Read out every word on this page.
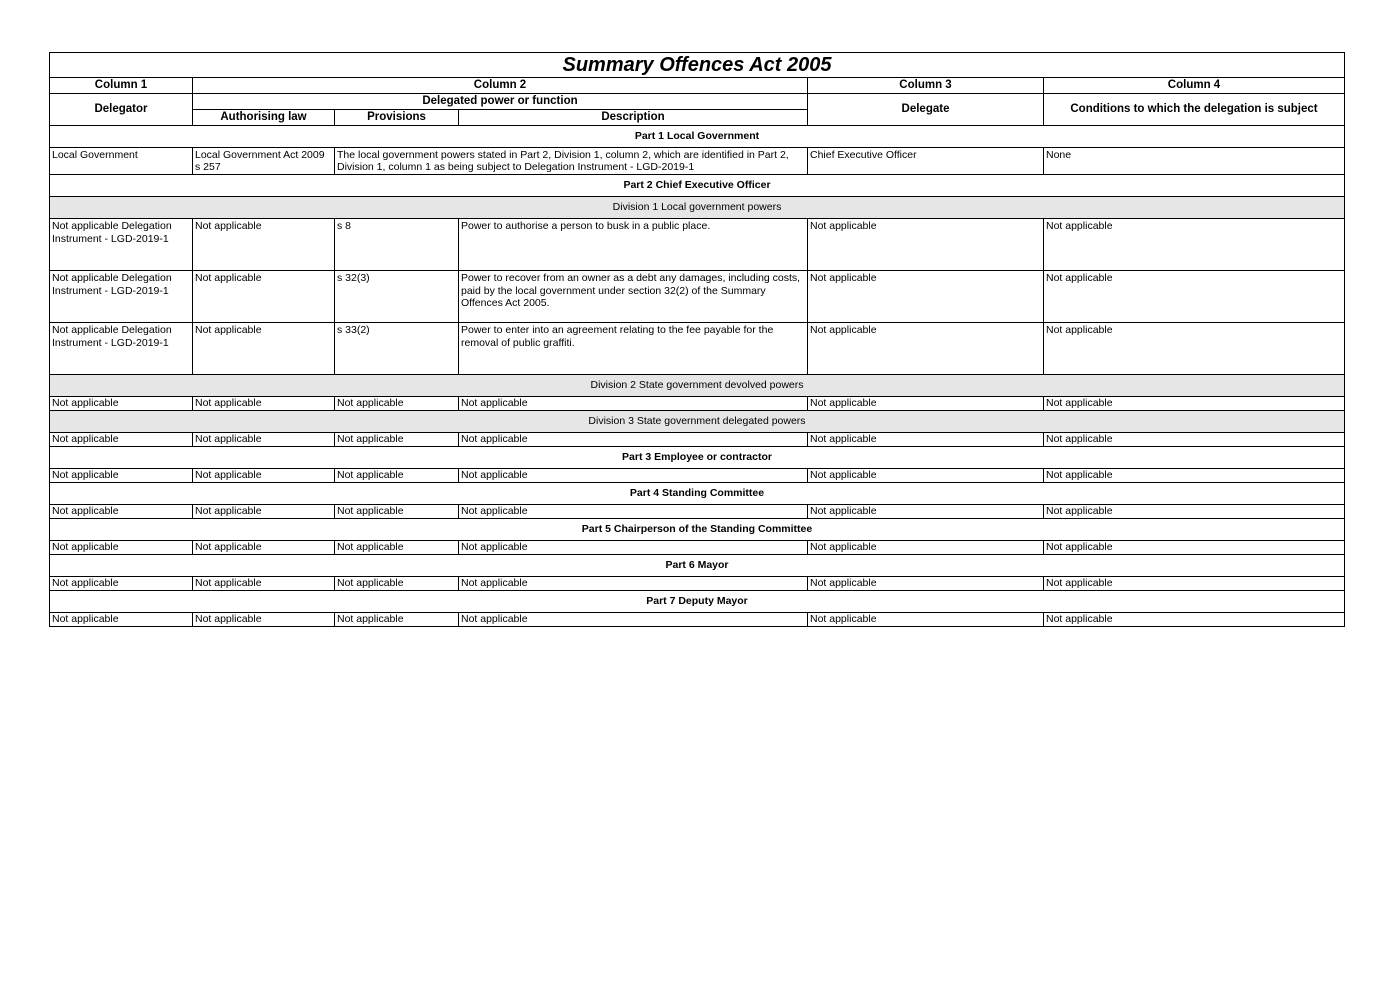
Summary Offences Act 2005					
Column 1	Column 2			Column 3	Column 4
Delegator	Delegated power or function			Delegate	Conditions to which the delegation is subject
	Authorising law	Provisions	Description		
Part 1 Local Government					
Local Government	Local Government Act 2009 s 257	The local government powers stated in Part 2, Division 1, column 2, which are identified in Part 2, Division 1, column 1 as being subject to Delegation Instrument - LGD-2019-1		Chief Executive Officer	None
Part 2 Chief Executive Officer					
Division 1 Local government powers					
Not applicable Delegation Instrument - LGD-2019-1	Not applicable	s 8	Power to authorise a person to busk in a public place.	Not applicable	Not applicable
Not applicable Delegation Instrument - LGD-2019-1	Not applicable	s 32(3)	Power to recover from an owner as a debt any damages, including costs, paid by the local government under section 32(2) of the Summary Offences Act 2005.	Not applicable	Not applicable
Not applicable Delegation Instrument - LGD-2019-1	Not applicable	s 33(2)	Power to enter into an agreement relating to the fee payable for the removal of public graffiti.	Not applicable	Not applicable
Division 2 State government devolved powers					
Not applicable	Not applicable	Not applicable	Not applicable	Not applicable	Not applicable
Division 3 State government delegated powers					
Not applicable	Not applicable	Not applicable	Not applicable	Not applicable	Not applicable
Part 3 Employee or contractor					
Not applicable	Not applicable	Not applicable	Not applicable	Not applicable	Not applicable
Part 4 Standing Committee					
Not applicable	Not applicable	Not applicable	Not applicable	Not applicable	Not applicable
Part 5 Chairperson of the Standing Committee					
Not applicable	Not applicable	Not applicable	Not applicable	Not applicable	Not applicable
Part 6 Mayor					
Not applicable	Not applicable	Not applicable	Not applicable	Not applicable	Not applicable
Part 7 Deputy Mayor					
Not applicable	Not applicable	Not applicable	Not applicable	Not applicable	Not applicable
